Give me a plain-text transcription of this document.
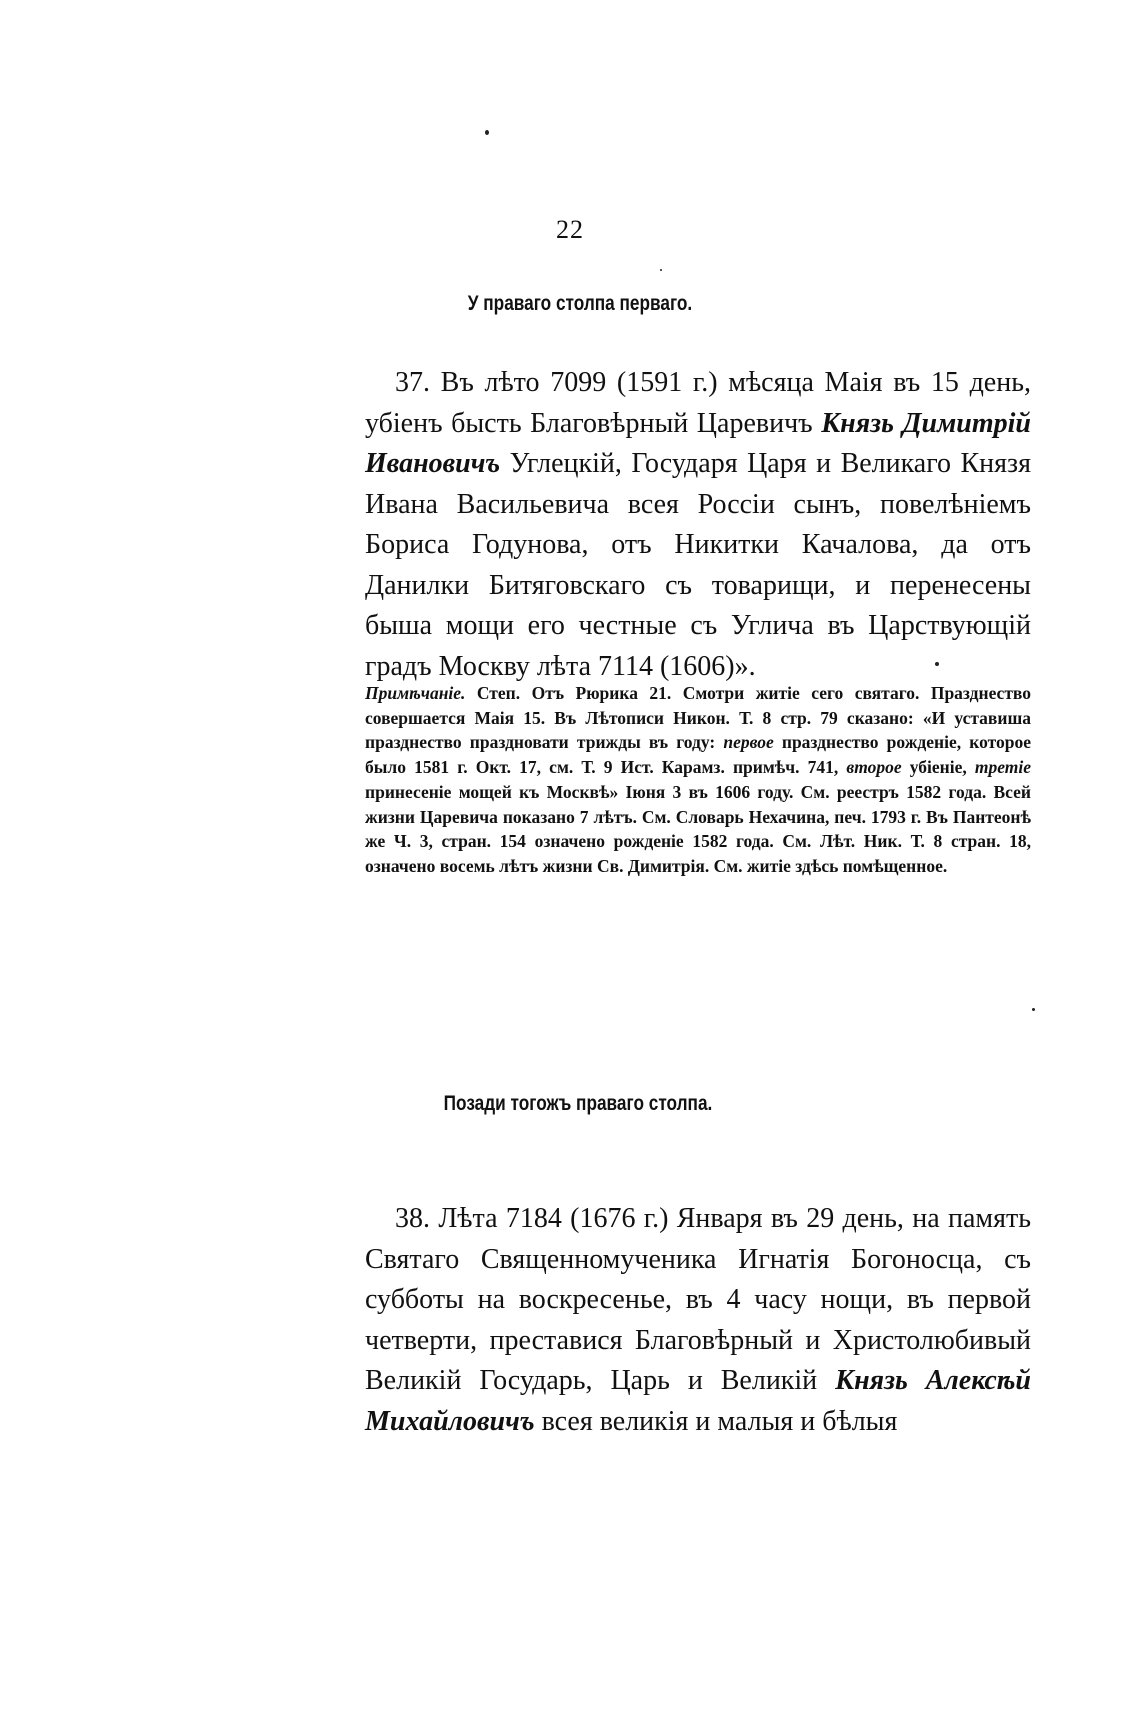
22
У праваго столпа перваго.
37. Въ лѣто 7099 (1591 г.) мѣсяца Маія въ 15 день, убіенъ бысть Благовѣрный Царевичъ Князь Димитрій Ивановичъ Углецкій, Государя Царя и Великаго Князя Ивана Васильевича всея Россіи сынъ, повелѣніемъ Бориса Годунова, отъ Никитки Качалова, да отъ Данилки Битяговскаго съ товарищи, и перенесены быша мощи его честные съ Углича въ Царствующій градъ Москву лѣта 7114 (1606)».
Примѣчаніе. Степ. Отъ Рюрика 21. Смотри житіе сего святаго. Празднество совершается Маія 15. Въ Лѣтописи Никон. Т. 8 стр. 79 сказано: «И уставиша празднество праздновати трижды въ году: первое празднество рожденіе, которое было 1581 г. Окт. 17, см. Т. 9 Ист. Карамз. примѣч. 741, второе убіеніе, третіе принесеніе мощей къ Москвѣ» Іюня 3 въ 1606 году. См. реестръ 1582 года. Всей жизни Царевича показано 7 лѣтъ. См. Словарь Нехачина, печ. 1793 г. Въ Пантеонѣ же Ч. 3, стран. 154 означено рожденіе 1582 года. См. Лѣт. Ник. Т. 8 стран. 18, означено восемь лѣтъ жизни Св. Димитрія. См. житіе здѣсь помѣщенное.
Позади тогожъ праваго столпа.
38. Лѣта 7184 (1676 г.) Января въ 29 день, на память Святаго Священномученика Игнатія Богоносца, съ субботы на воскресенье, въ 4 часу нощи, въ первой четверти, преставися Благовѣрный и Христолюбивый Великій Государь, Царь и Великій Князь Алексѣй Михайловичъ всея великія и малыя и бѣлыя
